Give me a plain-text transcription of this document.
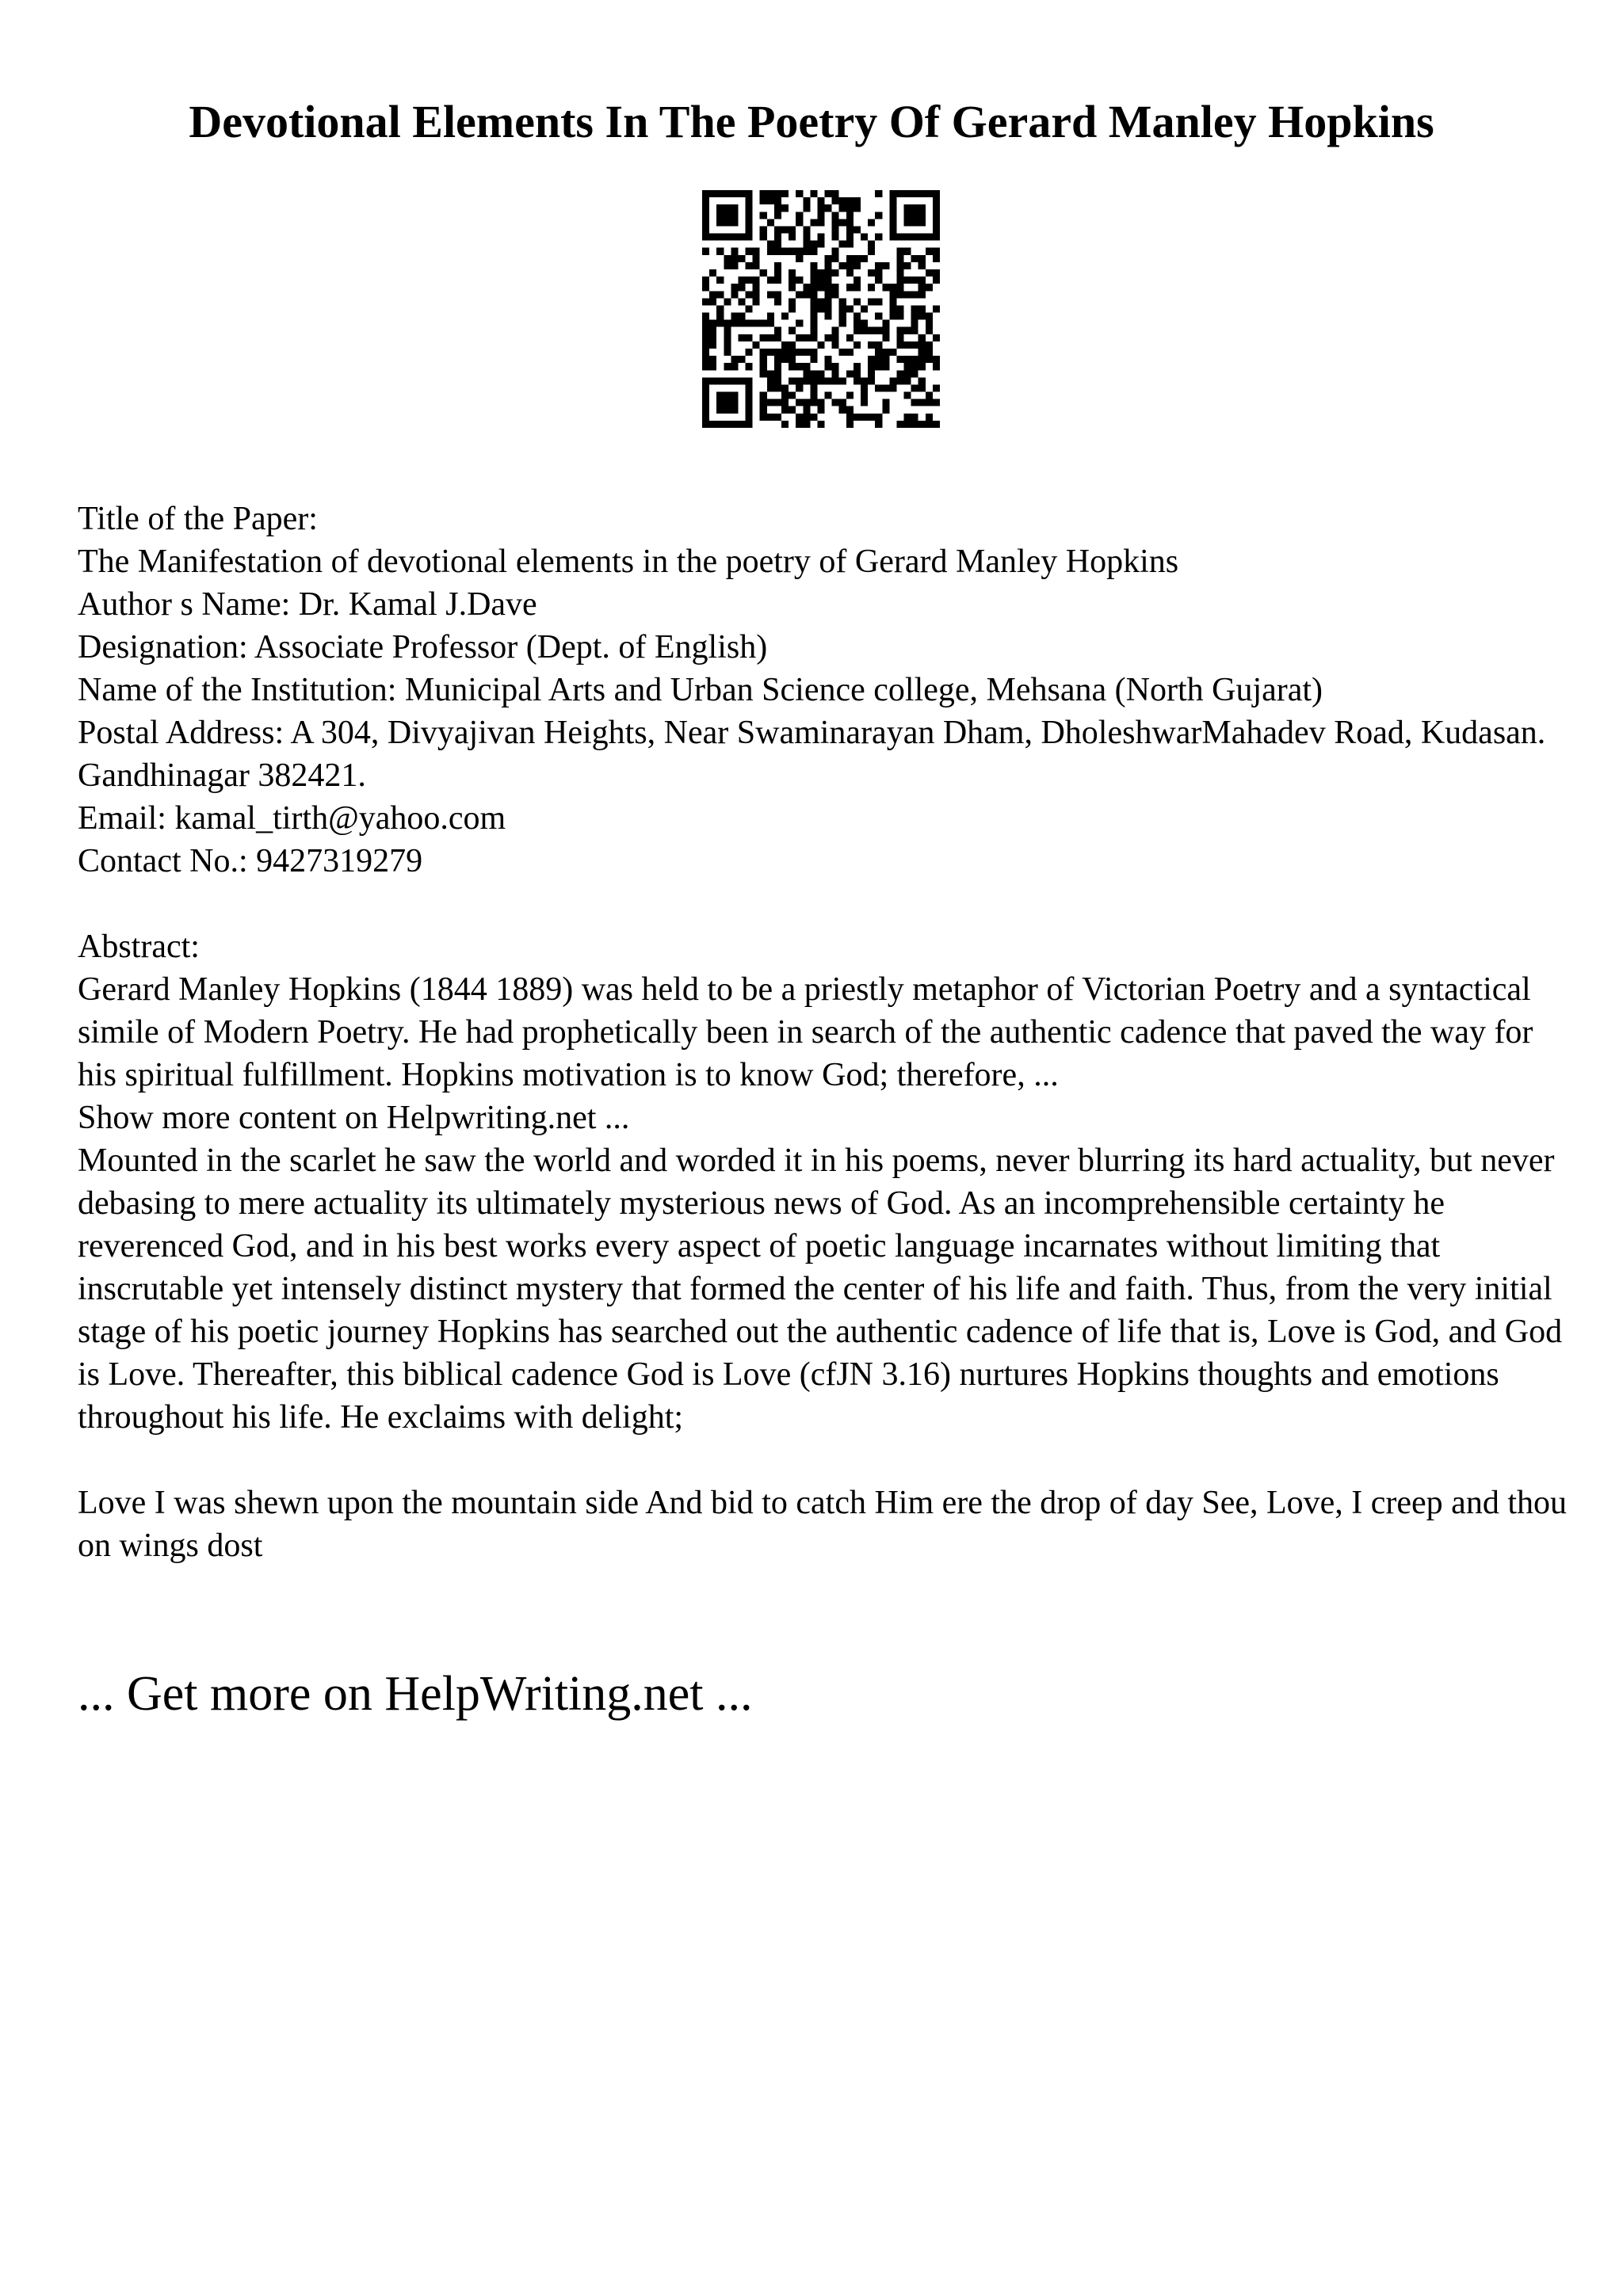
Devotional Elements In The Poetry Of Gerard Manley Hopkins
Title of the Paper:
The Manifestation of devotional elements in the poetry of Gerard Manley Hopkins
Author s Name: Dr. Kamal J.Dave
Designation: Associate Professor (Dept. of English)
Name of the Institution: Municipal Arts and Urban Science college, Mehsana (North Gujarat)
Postal Address: A 304, Divyajivan Heights, Near Swaminarayan Dham, DholeshwarMahadev Road, Kudasan. Gandhinagar 382421.
Email: kamal_tirth@yahoo.com
Contact No.: 9427319279
Abstract:
Gerard Manley Hopkins (1844 1889) was held to be a priestly metaphor of Victorian Poetry and a syntactical simile of Modern Poetry. He had prophetically been in search of the authentic cadence that paved the way for his spiritual fulfillment. Hopkins motivation is to know God; therefore, ...
Show more content on Helpwriting.net ...
Mounted in the scarlet he saw the world and worded it in his poems, never blurring its hard actuality, but never debasing to mere actuality its ultimately mysterious news of God. As an incomprehensible certainty he reverenced God, and in his best works every aspect of poetic language incarnates without limiting that inscrutable yet intensely distinct mystery that formed the center of his life and faith. Thus, from the very initial stage of his poetic journey Hopkins has searched out the authentic cadence of life that is, Love is God, and God is Love. Thereafter, this biblical cadence God is Love (cfJN 3.16) nurtures Hopkins thoughts and emotions throughout his life. He exclaims with delight;
Love I was shewn upon the mountain side And bid to catch Him ere the drop of day See, Love, I creep and thou on wings dost
... Get more on HelpWriting.net ...
